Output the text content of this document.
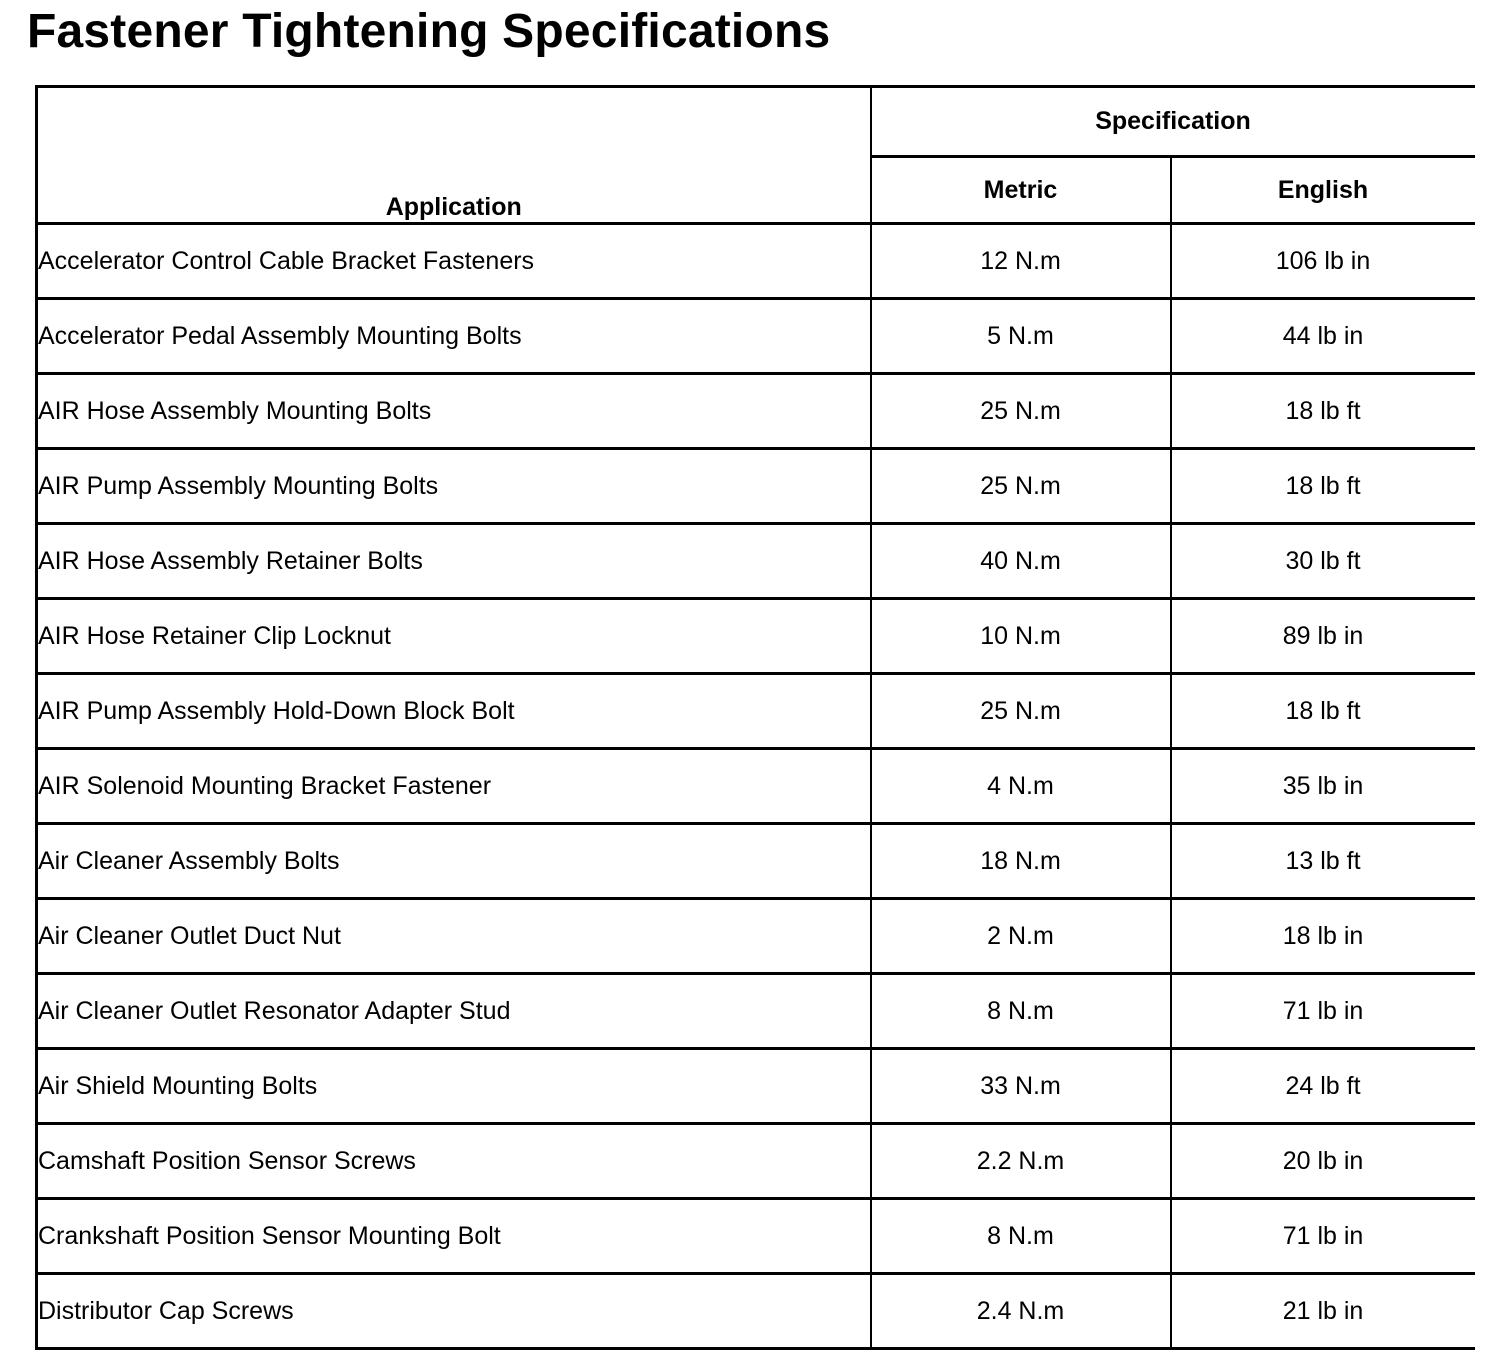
Fastener Tightening Specifications
Application	Specification	
	Metric	English
Accelerator Control Cable Bracket Fasteners	12 N.m	106 lb in
Accelerator Pedal Assembly Mounting Bolts	5 N.m	44 lb in
AIR Hose Assembly Mounting Bolts	25 N.m	18 lb ft
AIR Pump Assembly Mounting Bolts	25 N.m	18 lb ft
AIR Hose Assembly Retainer Bolts	40 N.m	30 lb ft
AIR Hose Retainer Clip Locknut	10 N.m	89 lb in
AIR Pump Assembly Hold-Down Block Bolt	25 N.m	18 lb ft
AIR Solenoid Mounting Bracket Fastener	4 N.m	35 lb in
Air Cleaner Assembly Bolts	18 N.m	13 lb ft
Air Cleaner Outlet Duct Nut	2 N.m	18 lb in
Air Cleaner Outlet Resonator Adapter Stud	8 N.m	71 lb in
Air Shield Mounting Bolts	33 N.m	24 lb ft
Camshaft Position Sensor Screws	2.2 N.m	20 lb in
Crankshaft Position Sensor Mounting Bolt	8 N.m	71 lb in
Distributor Cap Screws	2.4 N.m	21 lb in
